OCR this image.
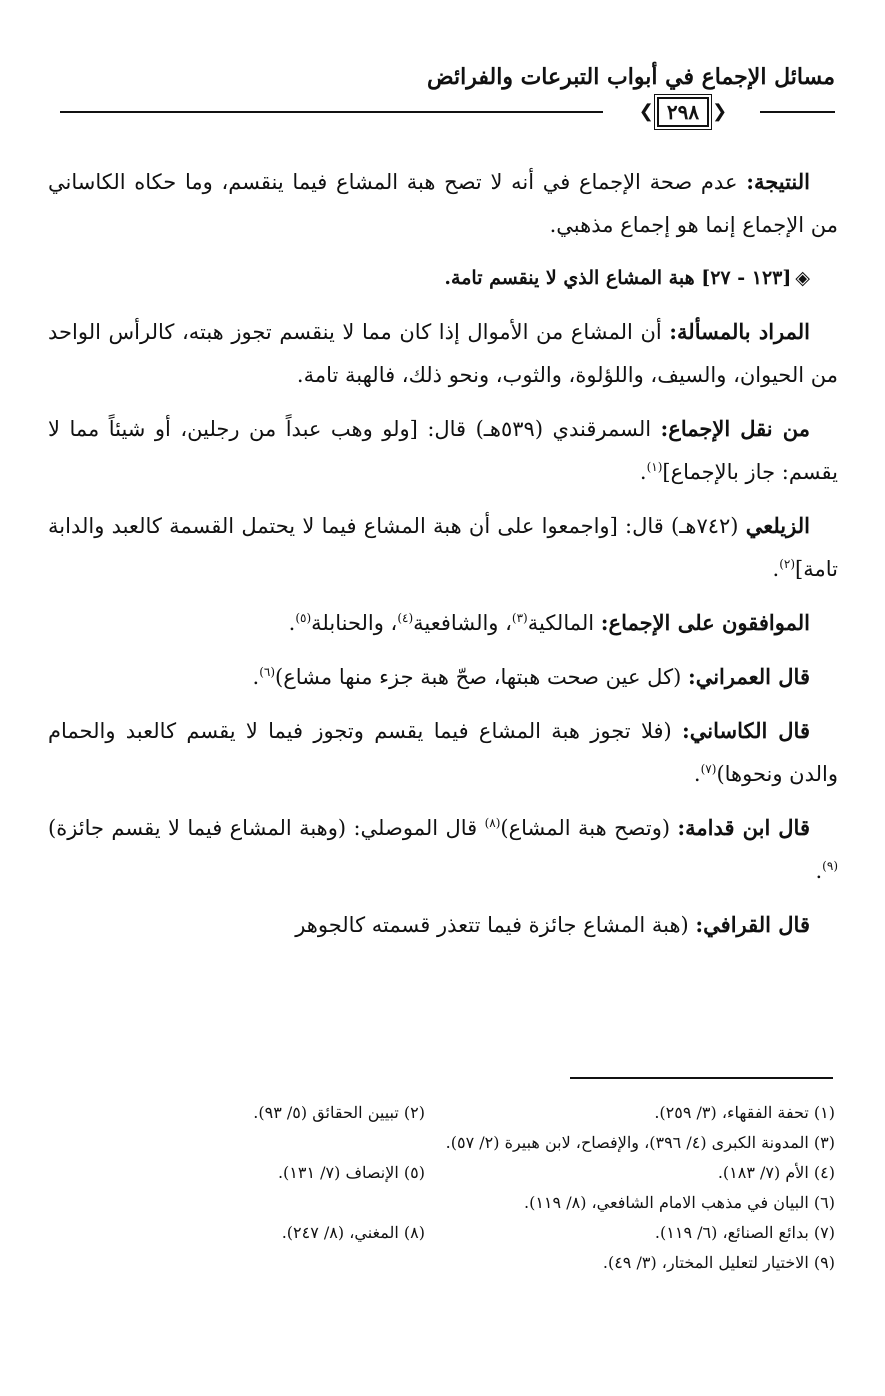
مسائل الإجماع في أبواب التبرعات والفرائض
❮
٢٩٨
❯

النتيجة: عدم صحة الإجماع في أنه لا تصح هبة المشاع فيما ينقسم، وما حكاه الكاساني من الإجماع إنما هو إجماع مذهبي.

◈[١٢٣ - ٢٧] هبة المشاع الذي لا ينقسم تامة.

المراد بالمسألة: أن المشاع من الأموال إذا كان مما لا ينقسم تجوز هبته، كالرأس الواحد من الحيوان، والسيف، واللؤلوة، والثوب، ونحو ذلك، فالهبة تامة.

من نقل الإجماع: السمرقندي (٥٣٩هـ) قال: [ولو وهب عبداً من رجلين، أو شيئاً مما لا يقسم: جاز بالإجماع]$^{(١)}$.

الزيلعي (٧٤٢هـ) قال: [واجمعوا على أن هبة المشاع فيما لا يحتمل القسمة كالعبد والدابة تامة]$^{(٢)}$.

الموافقون على الإجماع: المالكية$^{(٣)}$، والشافعية$^{(٤)}$، والحنابلة$^{(٥)}$.

قال العمراني: (كل عين صحت هبتها، صحّ هبة جزء منها مشاع)$^{(٦)}$.

قال الكاساني: (فلا تجوز هبة المشاع فيما يقسم وتجوز فيما لا يقسم كالعبد والحمام والدن ونحوها)$^{(٧)}$.

قال ابن قدامة: (وتصح هبة المشاع)$^{(٨)}$ قال الموصلي: (وهبة المشاع فيما لا يقسم جائزة)$^{(٩)}$.

قال القرافي: (هبة المشاع جائزة فيما تتعذر قسمته كالجوهر

(١) تحفة الفقهاء، (٣/ ٢٥٩).
(٢) تبيين الحقائق (٥/ ٩٣).
(٣) المدونة الكبرى (٤/ ٣٩٦)، والإفصاح، لابن هبيرة (٢/ ٥٧).
(٤) الأم (٧/ ١٨٣).
(٥) الإنصاف (٧/ ١٣١).
(٦) البيان في مذهب الامام الشافعي، (٨/ ١١٩).
(٧) بدائع الصنائع، (٦/ ١١٩).
(٨) المغني، (٨/ ٢٤٧).
(٩) الاختيار لتعليل المختار، (٣/ ٤٩).
